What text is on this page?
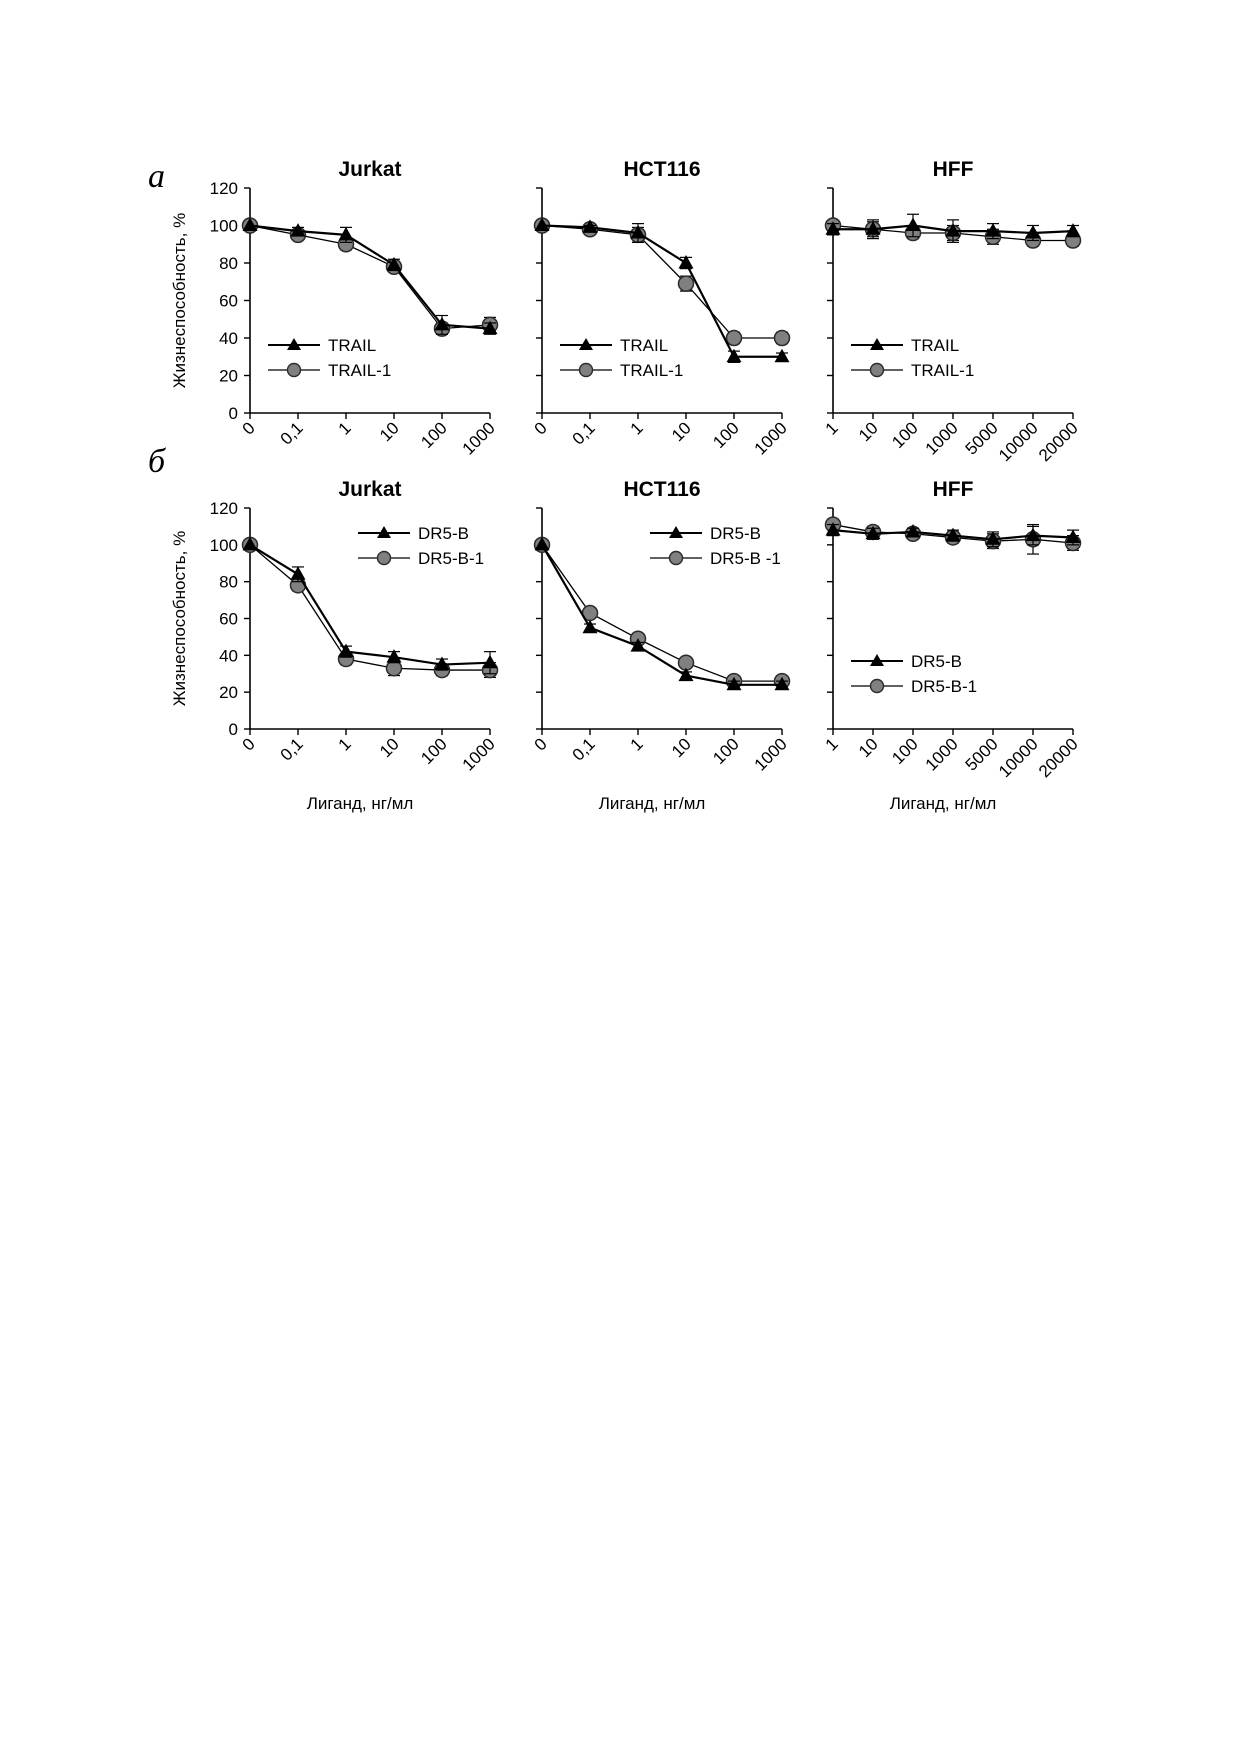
а
б
Jurkat
0
20
40
60
80
100
120
0 0,1 1 10 100 1000
Жизнеспособность, %	TRAIL
TRAIL-1
HCT116
0 0,1 1 10 100 1000
TRAIL
TRAIL-1
HFF
1 10 100 1000 5000
10000
20000
TRAIL
TRAIL-1
Jurkat
0
20
40
60
80
100
120
0 0,1 1 10 100 1000
Жизнеспособность, %
Лиганд, нг/мл
DR5-B
DR5-B-1
HCT116
0 0,1 1 10 100 1000
Лиганд, нг/мл
DR5-B
DR5-B -1
HFF
1 10 100 1000 5000
10000
20000
Лиганд, нг/мл
DR5-B
DR5-B-1
